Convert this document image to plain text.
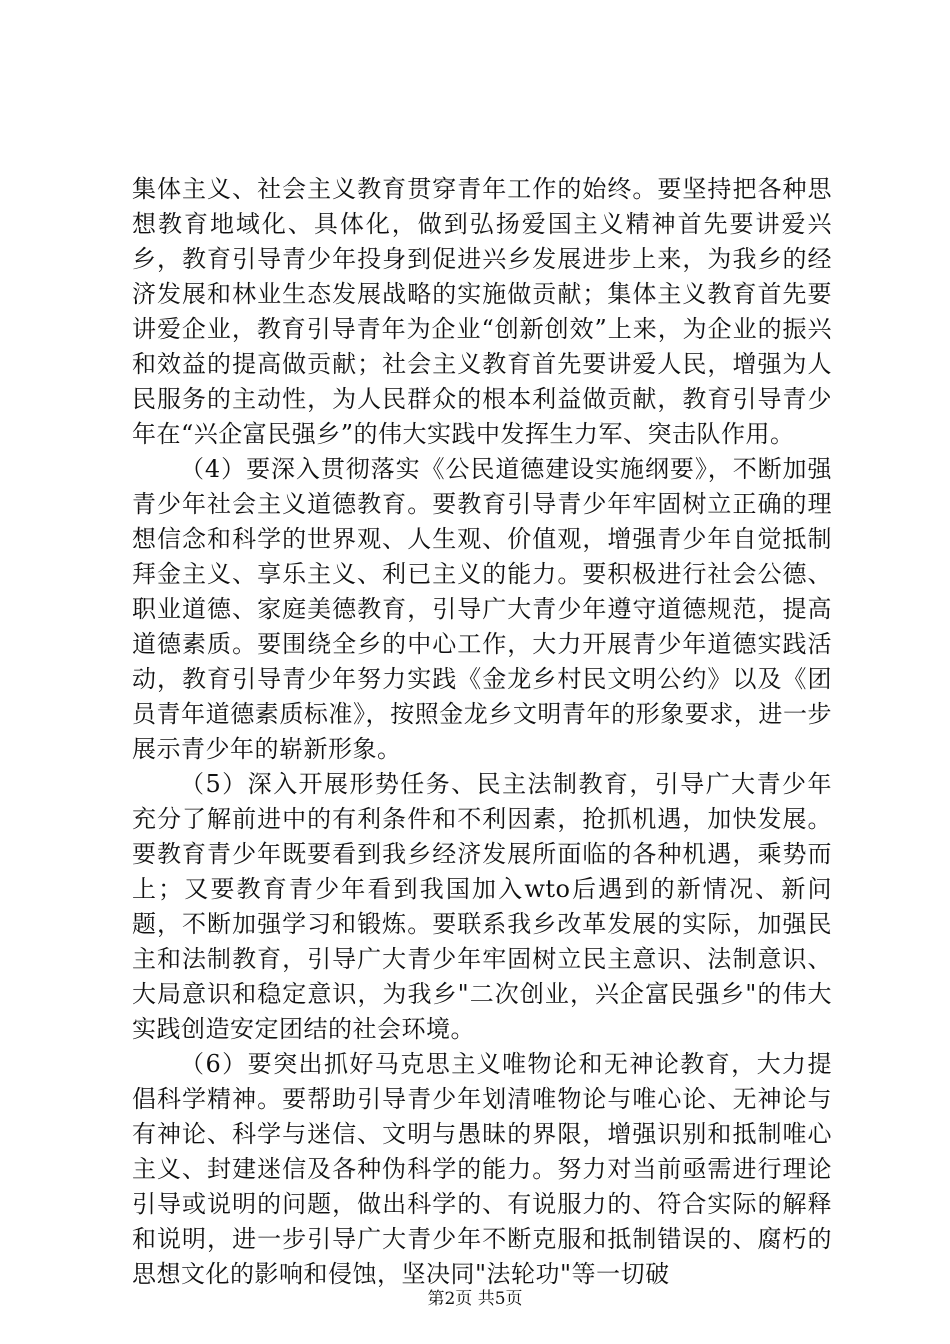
集体主义、社会主义教育贯穿青年工作的始终。要坚持把各种思想教育地域化、具体化，做到弘扬爱国主义精神首先要讲爱兴乡，教育引导青少年投身到促进兴乡发展进步上来，为我乡的经济发展和林业生态发展战略的实施做贡献；集体主义教育首先要讲爱企业，教育引导青年为企业“创新创效”上来，为企业的振兴和效益的提高做贡献；社会主义教育首先要讲爱人民，增强为人民服务的主动性，为人民群众的根本利益做贡献，教育引导青少年在“兴企富民强乡”的伟大实践中发挥生力军、突击队作用。

（4）要深入贯彻落实《公民道德建设实施纲要》，不断加强青少年社会主义道德教育。要教育引导青少年牢固树立正确的理想信念和科学的世界观、人生观、价值观，增强青少年自觉抵制拜金主义、享乐主义、利已主义的能力。要积极进行社会公德、职业道德、家庭美德教育，引导广大青少年遵守道德规范，提高道德素质。要围绕全乡的中心工作，大力开展青少年道德实践活动，教育引导青少年努力实践《金龙乡村民文明公约》以及《团员青年道德素质标准》，按照金龙乡文明青年的形象要求，进一步展示青少年的崭新形象。

（5）深入开展形势任务、民主法制教育，引导广大青少年充分了解前进中的有利条件和不利因素，抢抓机遇，加快发展。要教育青少年既要看到我乡经济发展所面临的各种机遇，乘势而上；又要教育青少年看到我国加入wto后遇到的新情况、新问题，不断加强学习和锻炼。要联系我乡改革发展的实际，加强民主和法制教育，引导广大青少年牢固树立民主意识、法制意识、大局意识和稳定意识，为我乡"二次创业，兴企富民强乡"的伟大实践创造安定团结的社会环境。

（6）要突出抓好马克思主义唯物论和无神论教育，大力提倡科学精神。要帮助引导青少年划清唯物论与唯心论、无神论与有神论、科学与迷信、文明与愚昧的界限，增强识别和抵制唯心主义、封建迷信及各种伪科学的能力。努力对当前亟需进行理论引导或说明的问题，做出科学的、有说服力的、符合实际的解释和说明，进一步引导广大青少年不断克服和抵制错误的、腐朽的思想文化的影响和侵蚀，坚决同"法轮功"等一切破

第2页 共5页
